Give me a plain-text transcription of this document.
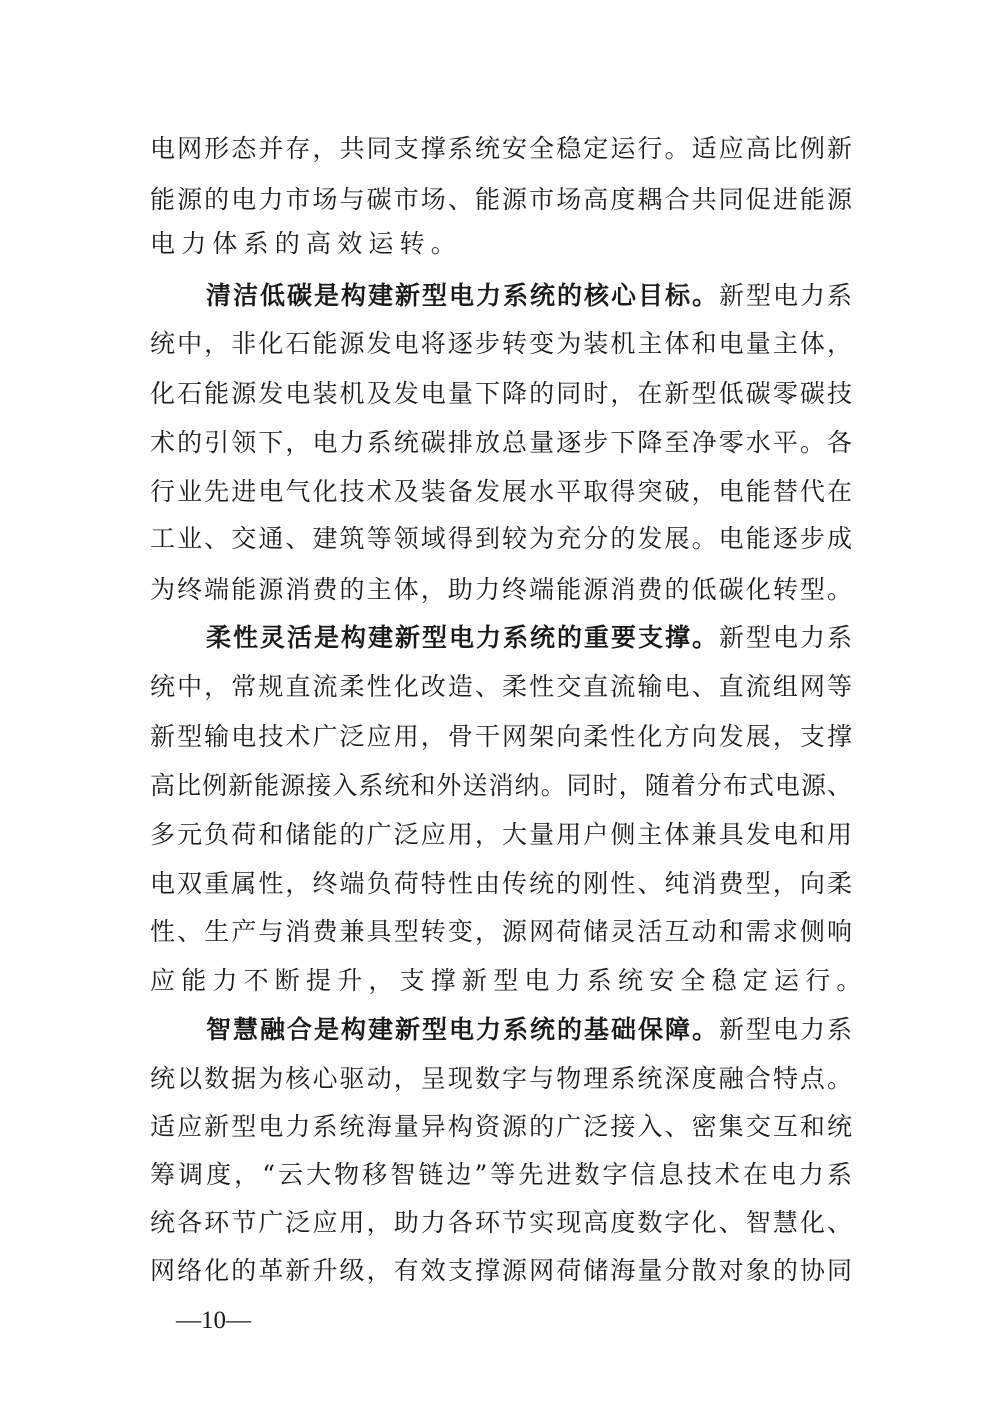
电网形态并存，共同支撑系统安全稳定运行。适应高比例新
能源的电力市场与碳市场、能源市场高度耦合共同促进能源
电力体系的高效运转。
清洁低碳是构建新型电力系统的核心目标。新型电力系
统中，非化石能源发电将逐步转变为装机主体和电量主体，
化石能源发电装机及发电量下降的同时，在新型低碳零碳技
术的引领下，电力系统碳排放总量逐步下降至净零水平。各
行业先进电气化技术及装备发展水平取得突破，电能替代在
工业、交通、建筑等领域得到较为充分的发展。电能逐步成
为终端能源消费的主体，助力终端能源消费的低碳化转型。
柔性灵活是构建新型电力系统的重要支撑。新型电力系
统中，常规直流柔性化改造、柔性交直流输电、直流组网等
新型输电技术广泛应用，骨干网架向柔性化方向发展，支撑
高比例新能源接入系统和外送消纳。同时，随着分布式电源、
多元负荷和储能的广泛应用，大量用户侧主体兼具发电和用
电双重属性，终端负荷特性由传统的刚性、纯消费型，向柔
性、生产与消费兼具型转变，源网荷储灵活互动和需求侧响
应能力不断提升，支撑新型电力系统安全稳定运行。
智慧融合是构建新型电力系统的基础保障。新型电力系
统以数据为核心驱动，呈现数字与物理系统深度融合特点。
适应新型电力系统海量异构资源的广泛接入、密集交互和统
筹调度，“云大物移智链边”等先进数字信息技术在电力系
统各环节广泛应用，助力各环节实现高度数字化、智慧化、
网络化的革新升级，有效支撑源网荷储海量分散对象的协同
—10—
